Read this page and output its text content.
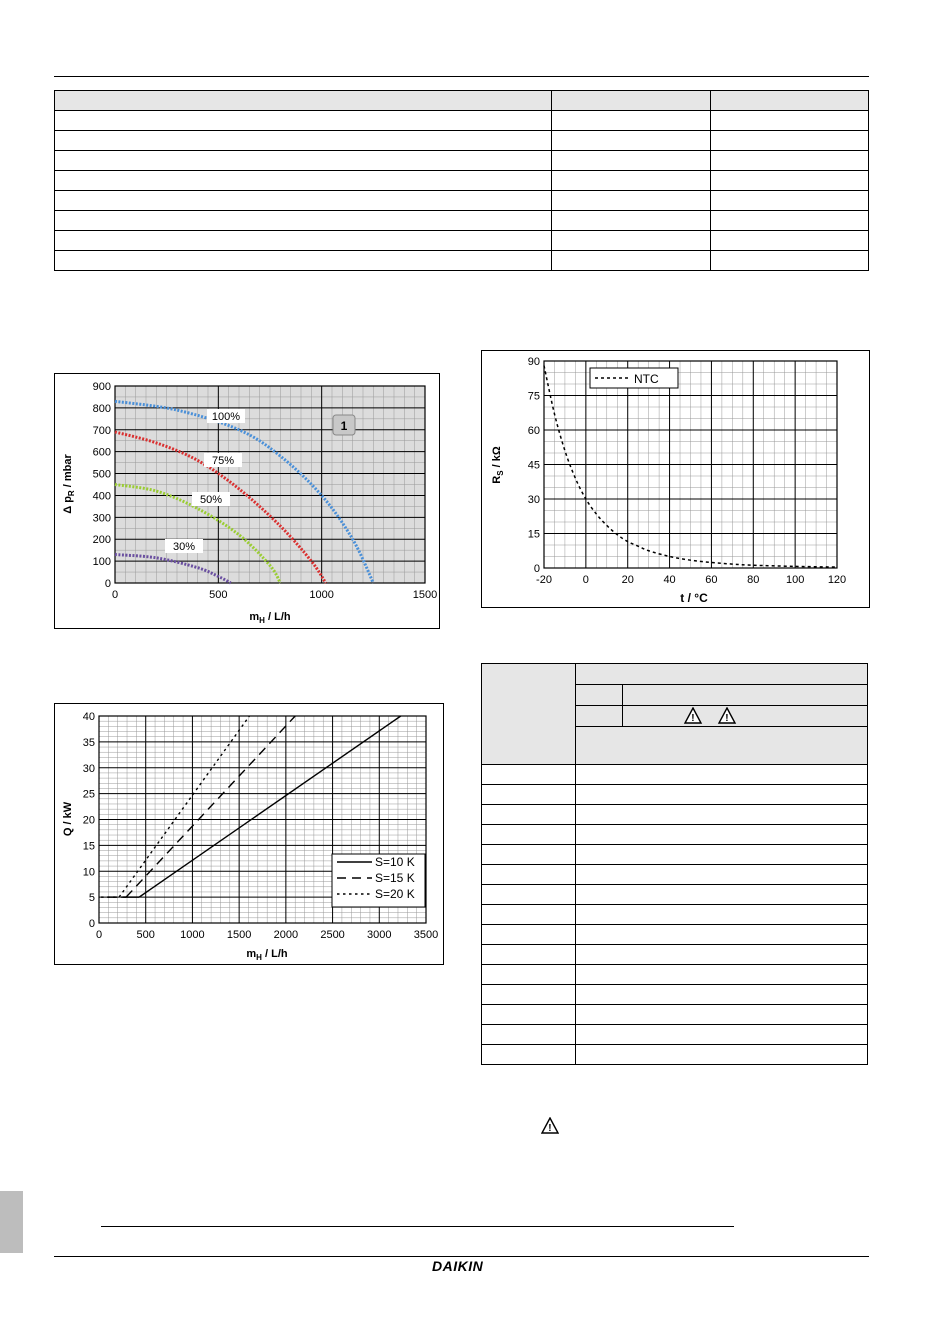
900
800
700
600
500
400
300
200
100
0
0	500	1000	1500
100%
75%
50%
30%
1
Δ $p_R$ / mbar
$m_H / L/h$
90
75
60
45
30
15
0
-20	0	20	40	60	80 100 120
NTC
$R_S$ / kΩ
t / °C
40
35
30
25
20
15
10
5
0
0	500 1000 1500 2000 2500 3000 3500
S=10 K
S=15 K
S=20 K
Q / kW
$m_H / L/h$

! !

!
DAIKIN
